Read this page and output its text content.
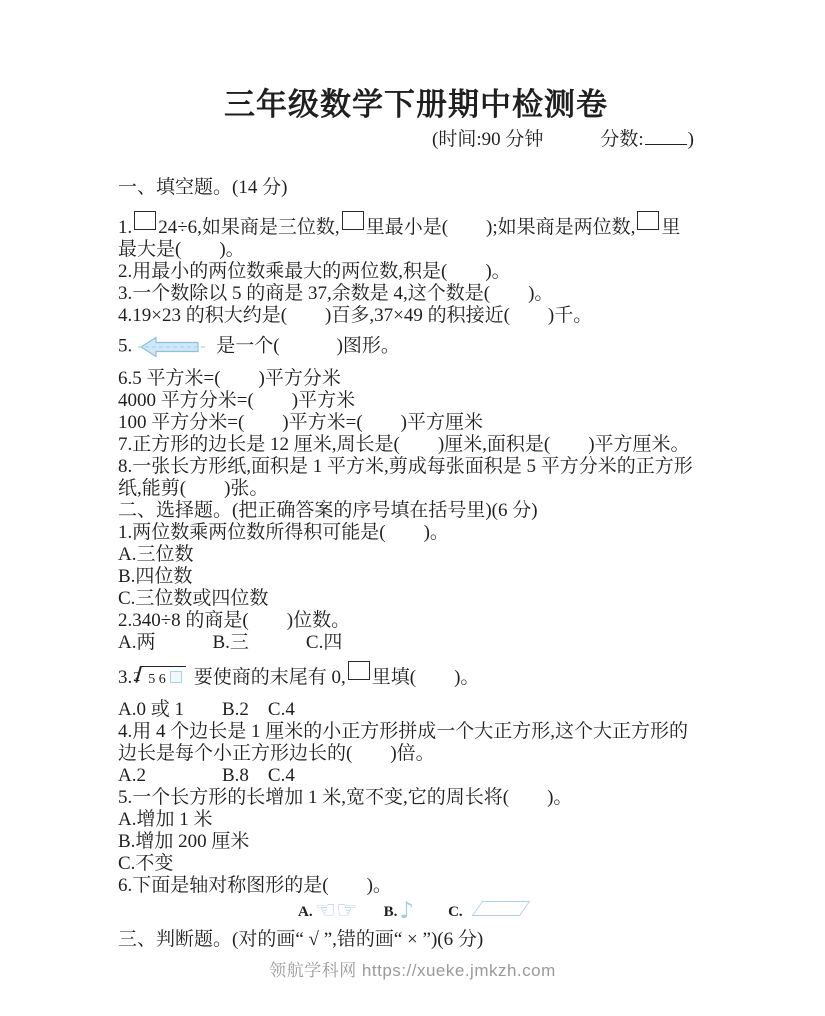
三年级数学下册期中检测卷
(时间:90 分钟　　　分数: )
一、填空题。(14 分)
1. 24÷6,如果商是三位数, 里最小是(　　);如果商是两位数, 里
最大是(　　)。
2.用最小的两位数乘最大的两位数,积是(　　)。
3.一个数除以 5 的商是 37,余数是 4,这个数是(　　)。
4.19×23 的积大约是(　　)百多,37×49 的积接近(　　)千。
5.	是一个(　　　)图形。
6.5 平方米=(　　)平方分米
4000 平方分米=(　　)平方米
100 平方分米=(　　)平方米=(　　)平方厘米
7.正方形的边长是 12 厘米,周长是(　　)厘米,面积是(　　)平方厘米。
8.一张长方形纸,面积是 1 平方米,剪成每张面积是 5 平方分米的正方形
纸,能剪(　　)张。
二、选择题。(把正确答案的序号填在括号里)(6 分)
1.两位数乘两位数所得积可能是(　　)。
A.三位数
B.四位数
C.三位数或四位数
2.340÷8 的商是(　　)位数。
A.两　　　B.三　　　C.四
3.2 5 6 要使商的末尾有 0, 里填(　　)。
A.0 或 1　　B.2　C.4
4.用 4 个边长是 1 厘米的小正方形拼成一个大正方形,这个大正方形的
边长是每个小正方形边长的(　　)倍。
A.2　　　　B.8　C.4
5.一个长方形的长增加 1 米,宽不变,它的周长将(　　)。
A.增加 1 米
B.增加 200 厘米
C.不变
6.下面是轴对称图形的是(　　)。
A.☜☞ B.♪ C.
三、判断题。(对的画“ √ ”,错的画“ × ”)(6 分)
领航学科网 https://xueke.jmkzh.com
